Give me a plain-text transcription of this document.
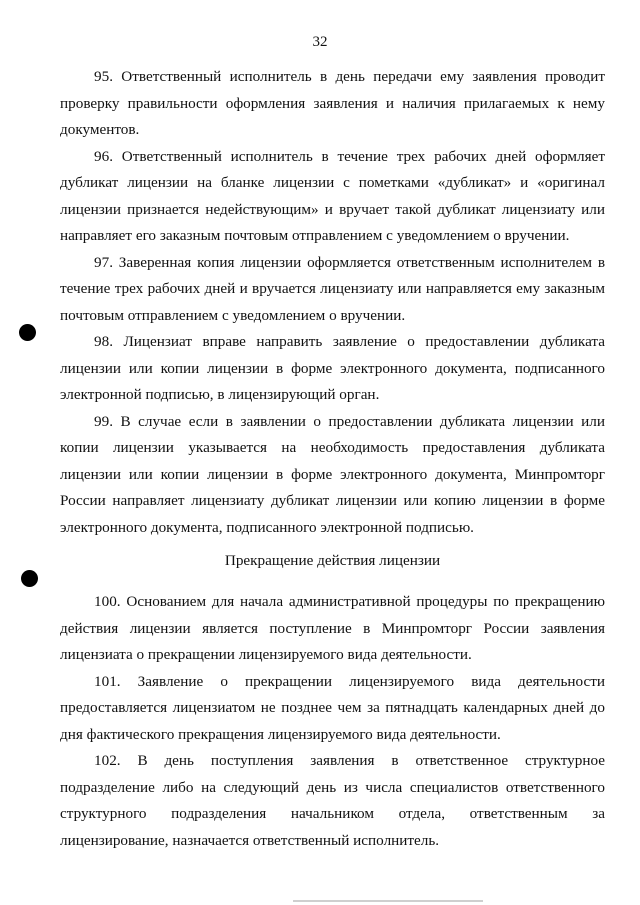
32

95. Ответственный исполнитель в день передачи ему заявления проводит проверку правильности оформления заявления и наличия прилагаемых к нему документов.

96. Ответственный исполнитель в течение трех рабочих дней оформляет дубликат лицензии на бланке лицензии с пометками «дубликат» и «оригинал лицензии признается недействующим» и вручает такой дубликат лицензиату или направляет его заказным почтовым отправлением с уведомлением о вручении.

97. Заверенная копия лицензии оформляется ответственным исполнителем в течение трех рабочих дней и вручается лицензиату или направляется ему заказным почтовым отправлением с уведомлением о вручении.

98. Лицензиат вправе направить заявление о предоставлении дубликата лицензии или копии лицензии в форме электронного документа, подписанного электронной подписью, в лицензирующий орган.

99. В случае если в заявлении о предоставлении дубликата лицензии или копии лицензии указывается на необходимость предоставления дубликата лицензии или копии лицензии в форме электронного документа, Минпромторг России направляет лицензиату дубликат лицензии или копию лицензии в форме электронного документа, подписанного электронной подписью.

Прекращение действия лицензии

100. Основанием для начала административной процедуры по прекращению действия лицензии является поступление в Минпромторг России заявления лицензиата о прекращении лицензируемого вида деятельности.

101. Заявление о прекращении лицензируемого вида деятельности предоставляется лицензиатом не позднее чем за пятнадцать календарных дней до дня фактического прекращения лицензируемого вида деятельности.

102. В день поступления заявления в ответственное структурное подразделение либо на следующий день из числа специалистов ответственного структурного подразделения начальником отдела, ответственным за лицензирование, назначается ответственный исполнитель.
